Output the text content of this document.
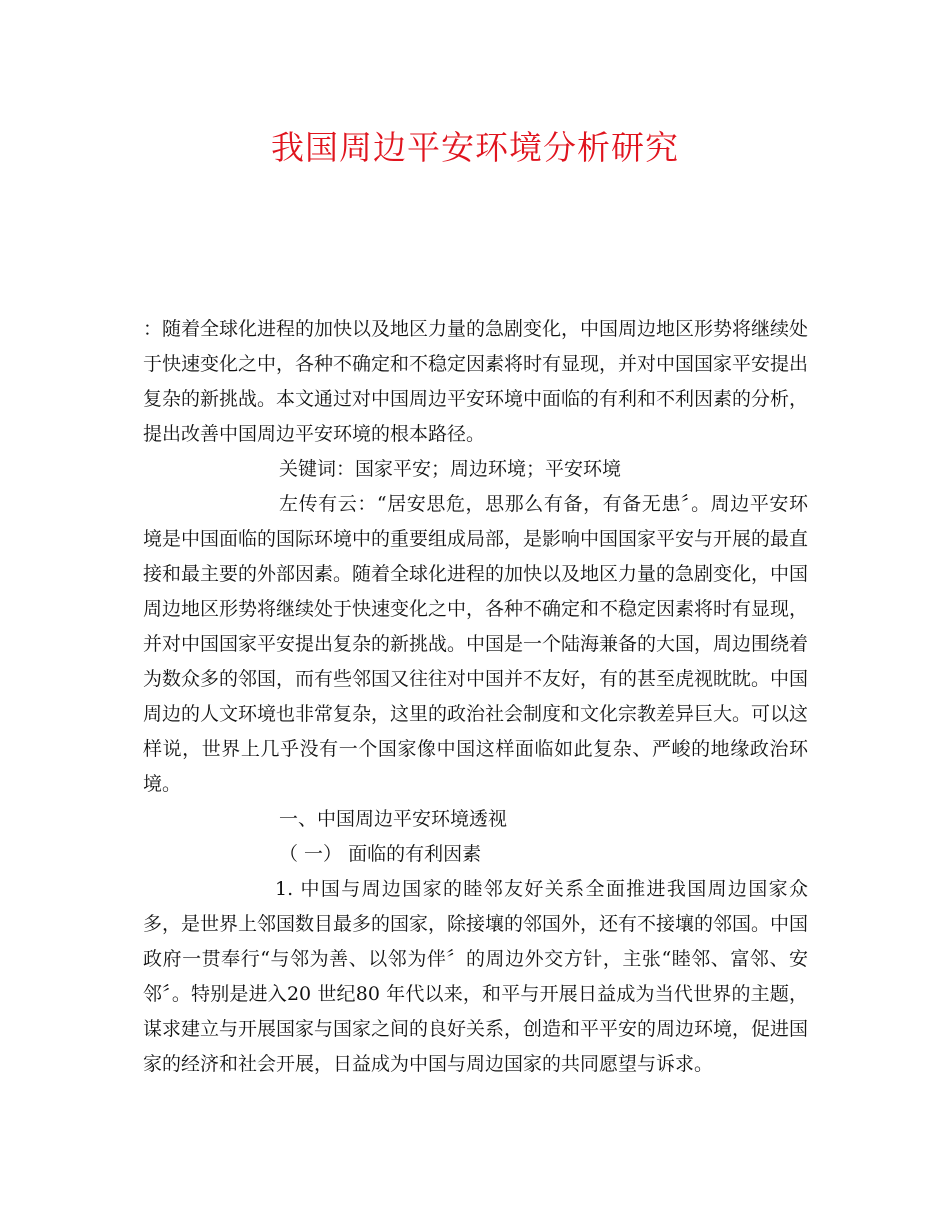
我国周边平安环境分析研究

：随着全球化进程的加快以及地区力量的急剧变化，中国周边地区形势将继续处于快速变化之中，各种不确定和不稳定因素将时有显现，并对中国国家平安提出复杂的新挑战。本文通过对中国周边平安环境中面临的有利和不利因素的分析，提出改善中国周边平安环境的根本路径。

关键词：国家平安；周边环境；平安环境

左传有云：“居安思危，思那么有备，有备无患〞。周边平安环境是中国面临的国际环境中的重要组成局部，是影响中国国家平安与开展的最直接和最主要的外部因素。随着全球化进程的加快以及地区力量的急剧变化，中国周边地区形势将继续处于快速变化之中，各种不确定和不稳定因素将时有显现，并对中国国家平安提出复杂的新挑战。中国是一个陆海兼备的大国，周边围绕着为数众多的邻国，而有些邻国又往往对中国并不友好，有的甚至虎视眈眈。中国周边的人文环境也非常复杂，这里的政治社会制度和文化宗教差异巨大。可以这样说，世界上几乎没有一个国家像中国这样面临如此复杂、严峻的地缘政治环境。

一、中国周边平安环境透视

（ 一） 面临的有利因素

1. 中国与周边国家的睦邻友好关系全面推进我国周边国家众多，是世界上邻国数目最多的国家，除接壤的邻国外，还有不接壤的邻国。中国政府一贯奉行“与邻为善、以邻为伴〞的周边外交方针，主张“睦邻、富邻、安邻〞。特别是进入20 世纪80 年代以来，和平与开展日益成为当代世界的主题，谋求建立与开展国家与国家之间的良好关系，创造和平平安的周边环境，促进国家的经济和社会开展，日益成为中国与周边国家的共同愿望与诉求。
